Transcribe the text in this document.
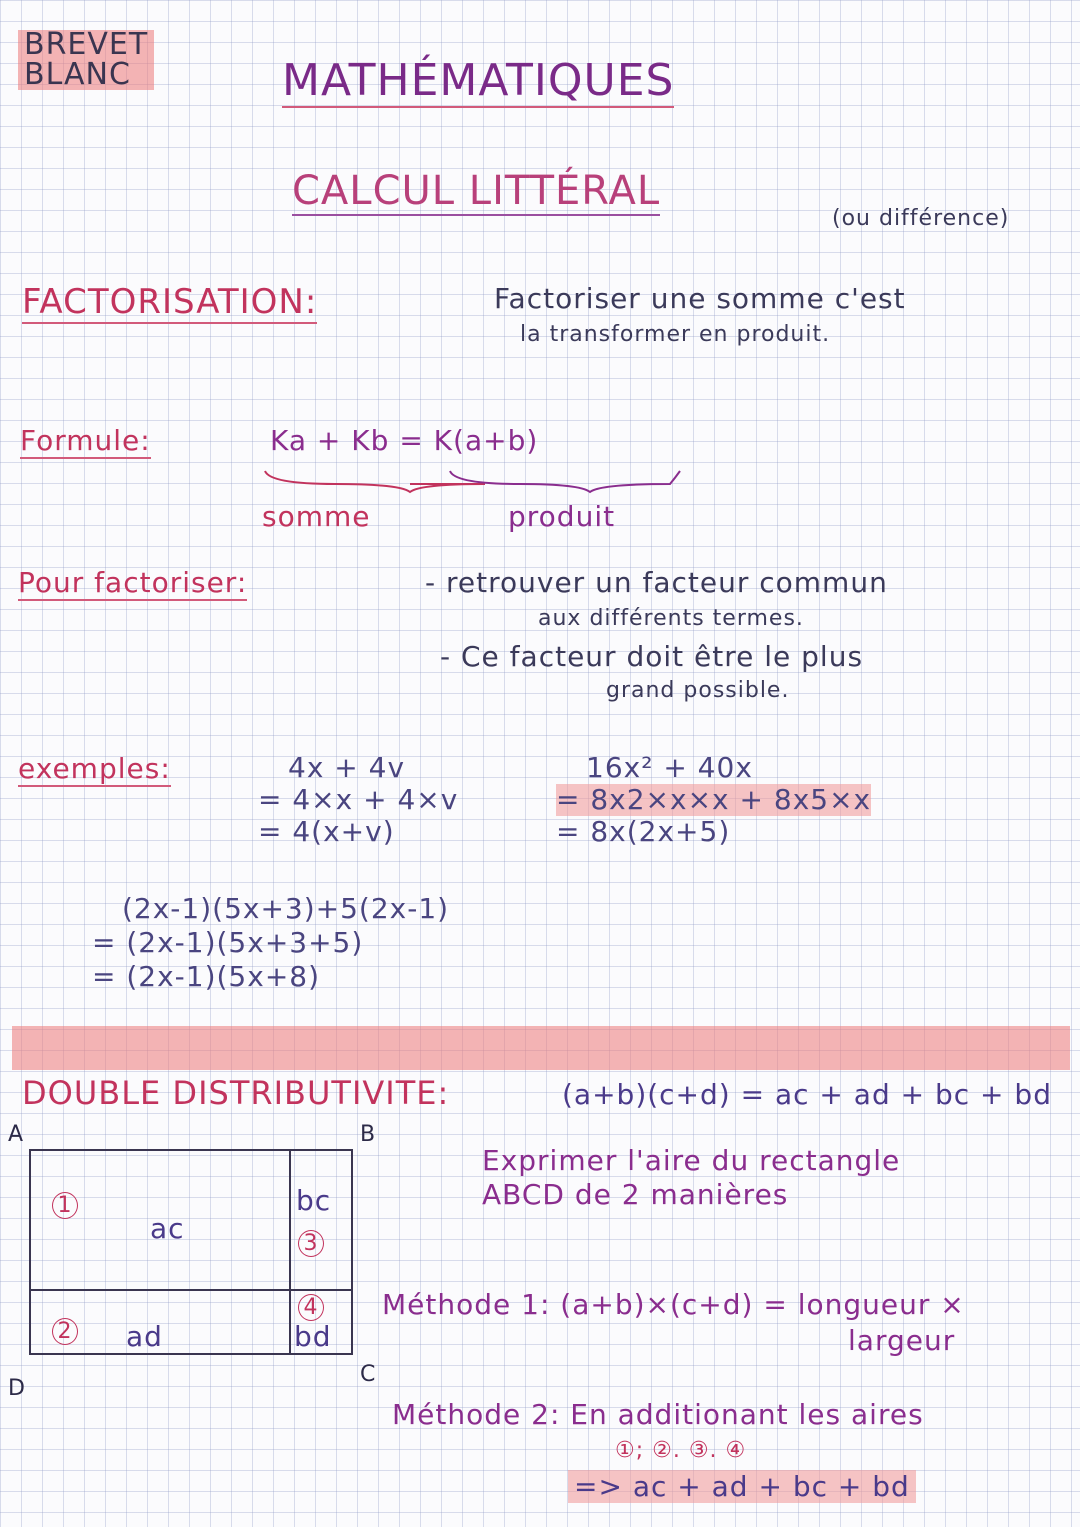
BREVET
BLANC	MATHÉMATIQUES
CALCUL LITTÉRAL
(ou différence)
FACTORISATION:	Factoriser une somme c'est
la transformer en produit.
Formule:	Ka + Kb = K(a+b)
somme	produit
Pour factoriser:	- retrouver un facteur commun
aux différents termes.
- Ce facteur doit être le plus
grand possible.
exemples:	4x + 4v
= 4×x + 4×v
= 4(x+v)
16x² + 40x
= 8x2×x×x + 8x5×x
= 8x(2x+5)
(2x-1)(5x+3)+5(2x-1)
= (2x-1)(5x+3+5)
= (2x-1)(5x+8)
DOUBLE DISTRIBUTIVITE:	(a+b)(c+d) = ac + ad + bc + bd
A	B
C
D
1
ac
2 ad
bc
3
4
bd
Exprimer l'aire du rectangle
ABCD de 2 manières
Méthode 1: (a+b)×(c+d) = longueur ×
largeur
Méthode 2: En additionant les aires
①; ②. ③. ④
=> ac + ad + bc + bd
